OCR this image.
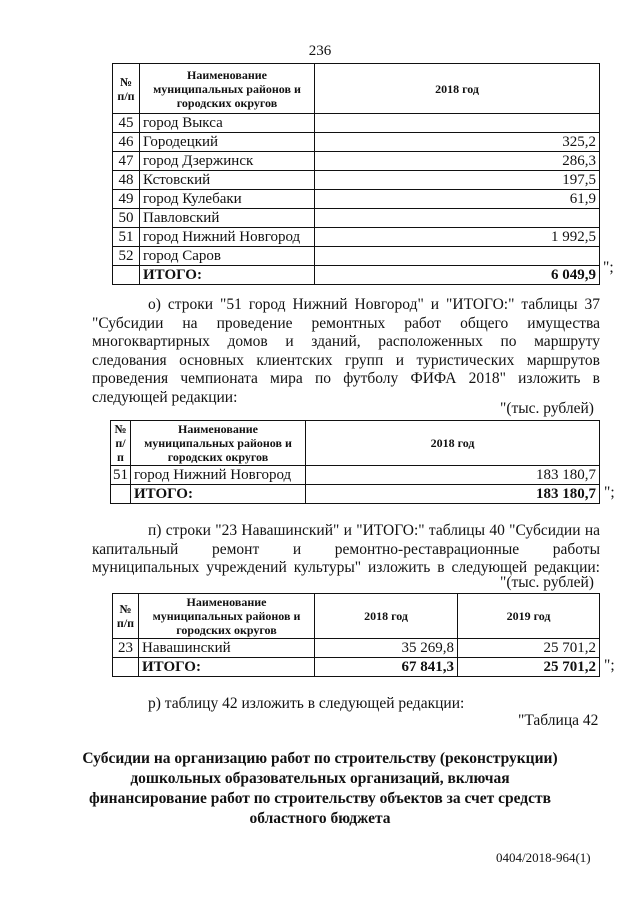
236
№ п/п	Наименование муниципальных районов и городских округов	2018 год
45	город Выкса	
46	Городецкий	325,2
47	город Дзержинск	286,3
48	Кстовский	197,5
49	город Кулебаки	61,9
50	Павловский	
51	город Нижний Новгород	1 992,5
52	город Саров	
	ИТОГО:	6 049,9 ";
о) строки "51 город Нижний Новгород" и "ИТОГО:" таблицы 37
"Субсидии на проведение ремонтных работ общего имущества
многоквартирных домов и зданий, расположенных по маршруту
следования основных клиентских групп и туристических маршрутов
проведения чемпионата мира по футболу ФИФА 2018" изложить в
следующей редакции:
"(тыс. рублей)
№ п/п	Наименование муниципальных районов и городских округов	2018 год
51	город Нижний Новгород	183 180,7
	ИТОГО:	183 180,7 ";
п) строки "23 Навашинский" и "ИТОГО:" таблицы 40 "Субсидии на
капитальный ремонт и ремонтно-реставрационные работы
муниципальных учреждений культуры" изложить в следующей редакции:
"(тыс. рублей)
№ п/п	Наименование муниципальных районов и городских округов	2018 год	2019 год
23	Навашинский	35 269,8	25 701,2
	ИТОГО:	67 841,3	25 701,2 ";
р) таблицу 42 изложить в следующей редакции:
"Таблица 42
Субсидии на организацию работ по строительству (реконструкции)
дошкольных образовательных организаций, включая
финансирование работ по строительству объектов за счет средств
областного бюджета
0404/2018-964(1)
